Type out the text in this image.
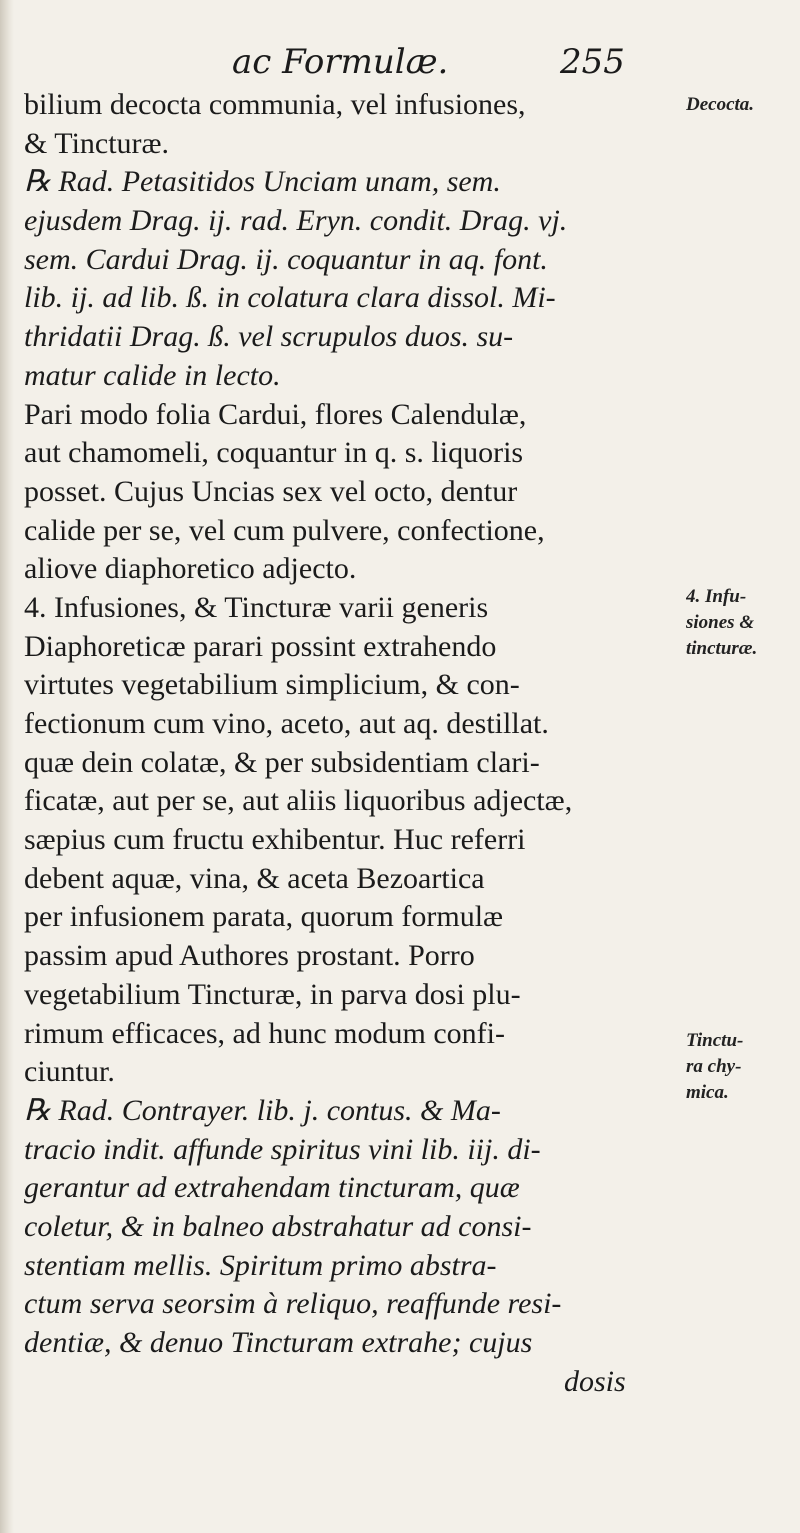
ac Formulæ.	255
bilium decocta communia, vel infusiones,
& Tincturæ.
℞ Rad. Petasitidos Unciam unam, sem.
ejusdem Drag. ij. rad. Eryn. condit. Drag. vj.
sem. Cardui Drag. ij. coquantur in aq. font.
lib. ij. ad lib. ß. in colatura clara dissol. Mi-
thridatii Drag. ß. vel scrupulos duos. su-
matur calide in lecto.
Pari modo folia Cardui, flores Calendulæ,
aut chamomeli, coquantur in q. s. liquoris
posset. Cujus Uncias sex vel octo, dentur
calide per se, vel cum pulvere, confectione,
aliove diaphoretico adjecto.
4. Infusiones, & Tincturæ varii generis
Diaphoreticæ parari possint extrahendo
virtutes vegetabilium simplicium, & con-
fectionum cum vino, aceto, aut aq. destillat.
quæ dein colatæ, & per subsidentiam clari-
ficatæ, aut per se, aut aliis liquoribus adjectæ,
sæpius cum fructu exhibentur. Huc referri
debent aquæ, vina, & aceta Bezoartica
per infusionem parata, quorum formulæ
passim apud Authores prostant. Porro
vegetabilium Tincturæ, in parva dosi plu-
rimum efficaces, ad hunc modum confi-
ciuntur.
℞ Rad. Contrayer. lib. j. contus. & Ma-
tracio indit. affunde spiritus vini lib. iij. di-
gerantur ad extrahendam tincturam, quæ
coletur, & in balneo abstrahatur ad consi-
stentiam mellis. Spiritum primo abstra-
ctum serva seorsim à reliquo, reaffunde resi-
dentiæ, & denuo Tincturam extrahe; cujus
dosis
Decocta.
4. Infu-
siones &
tincturæ.
Tinctu-
ra chy-
mica.
